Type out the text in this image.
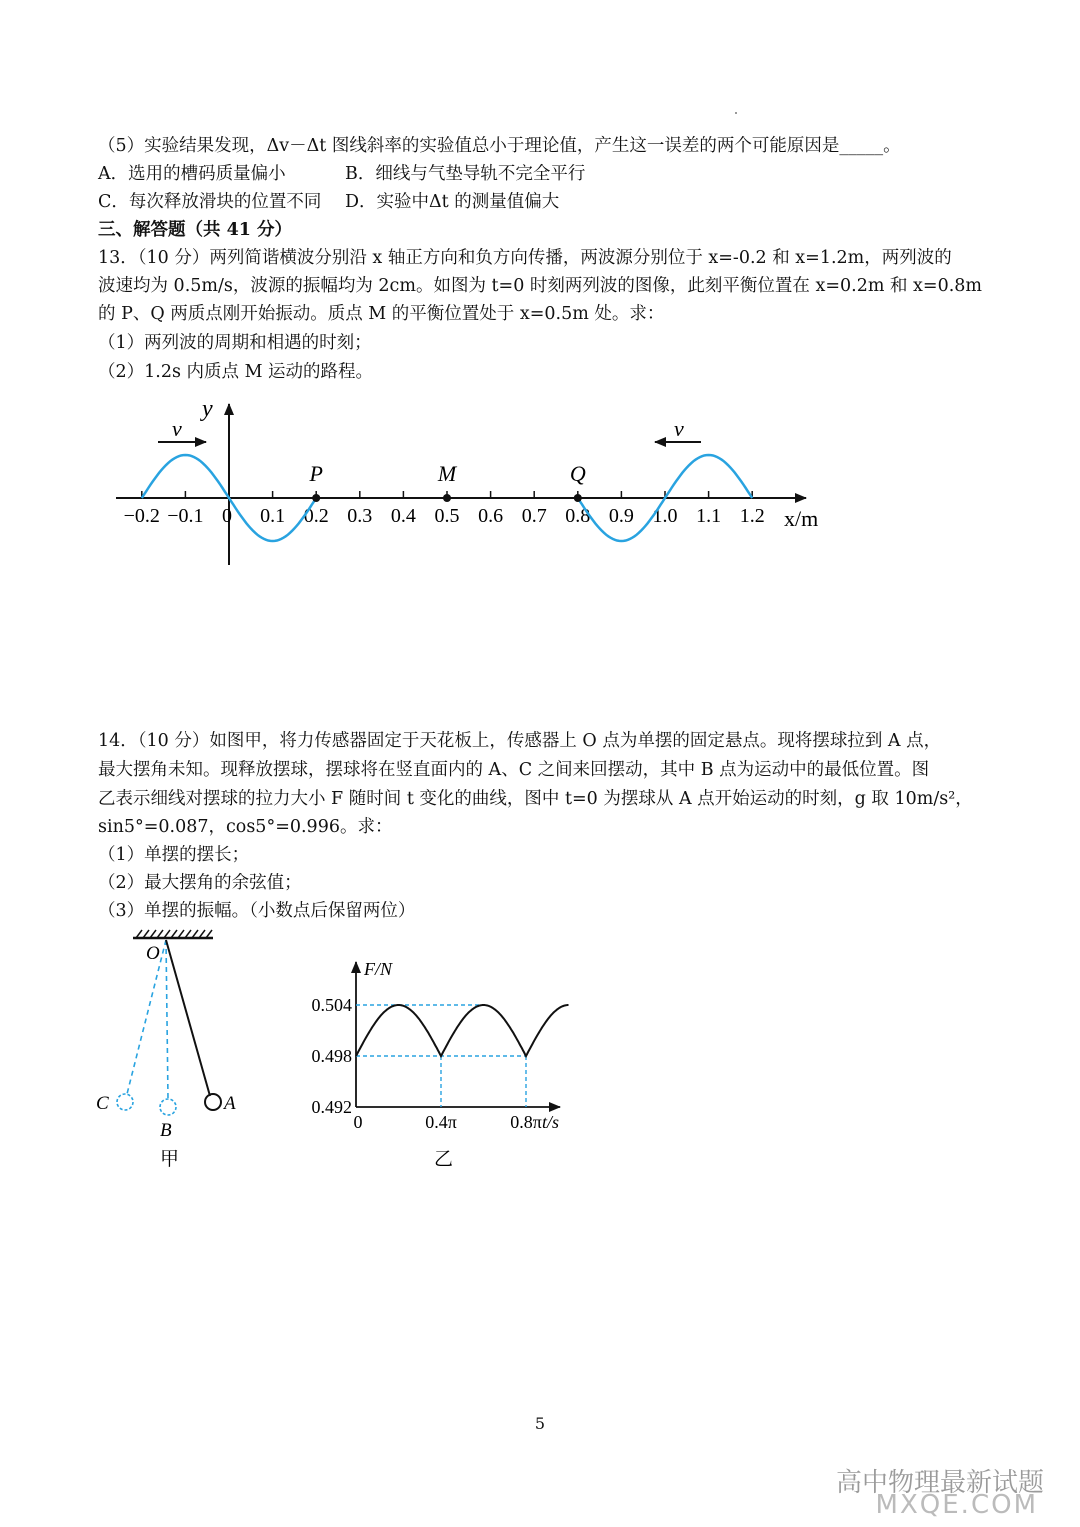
（5）实验结果发现，Δv－Δt 图线斜率的实验值总小于理论值，产生这一误差的两个可能原因是_____。
A．选用的槽码质量偏小	B．细线与气垫导轨不完全平行
C．每次释放滑块的位置不同 D．实验中Δt 的测量值偏大
三、解答题（共 41 分）
13．（10 分）两列简谐横波分别沿 x 轴正方向和负方向传播，两波源分别位于 x=-0.2 和 x=1.2m，两列波的
波速均为 0.5m/s，波源的振幅均为 2cm。如图为 t=0 时刻两列波的图像，此刻平衡位置在 x=0.2m 和 x=0.8m
的 P、Q 两质点刚开始振动。质点 M 的平衡位置处于 x=0.5m 处。求：
（1）两列波的周期和相遇的时刻；
（2）1.2s 内质点 M 运动的路程。
y
x/m
−0.2 −0.1 0 0.1 0.2 0.3 0.4 0.5 0.6 0.7 0.8 0.9 1.0 1.1 1.2
P	M	Q
v	v
14．（10 分）如图甲，将力传感器固定于天花板上，传感器上 O 点为单摆的固定悬点。现将摆球拉到 A 点，
最大摆角未知。现释放摆球，摆球将在竖直面内的 A、C 之间来回摆动，其中 B 点为运动中的最低位置。图
乙表示细线对摆球的拉力大小 F 随时间 t 变化的曲线，图中 t=0 为摆球从 A 点开始运动的时刻，g 取 10m/s²，
sin5°=0.087，cos5°=0.996。求：
（1）单摆的摆长；
（2）最大摆角的余弦值；
（3）单摆的振幅。（小数点后保留两位）
O
C
B
A
甲
F/N
t/s
0.504
0.498
0.492
0	0.4π	0.8π
乙
5
高中物理最新试题
MXQE.COM
